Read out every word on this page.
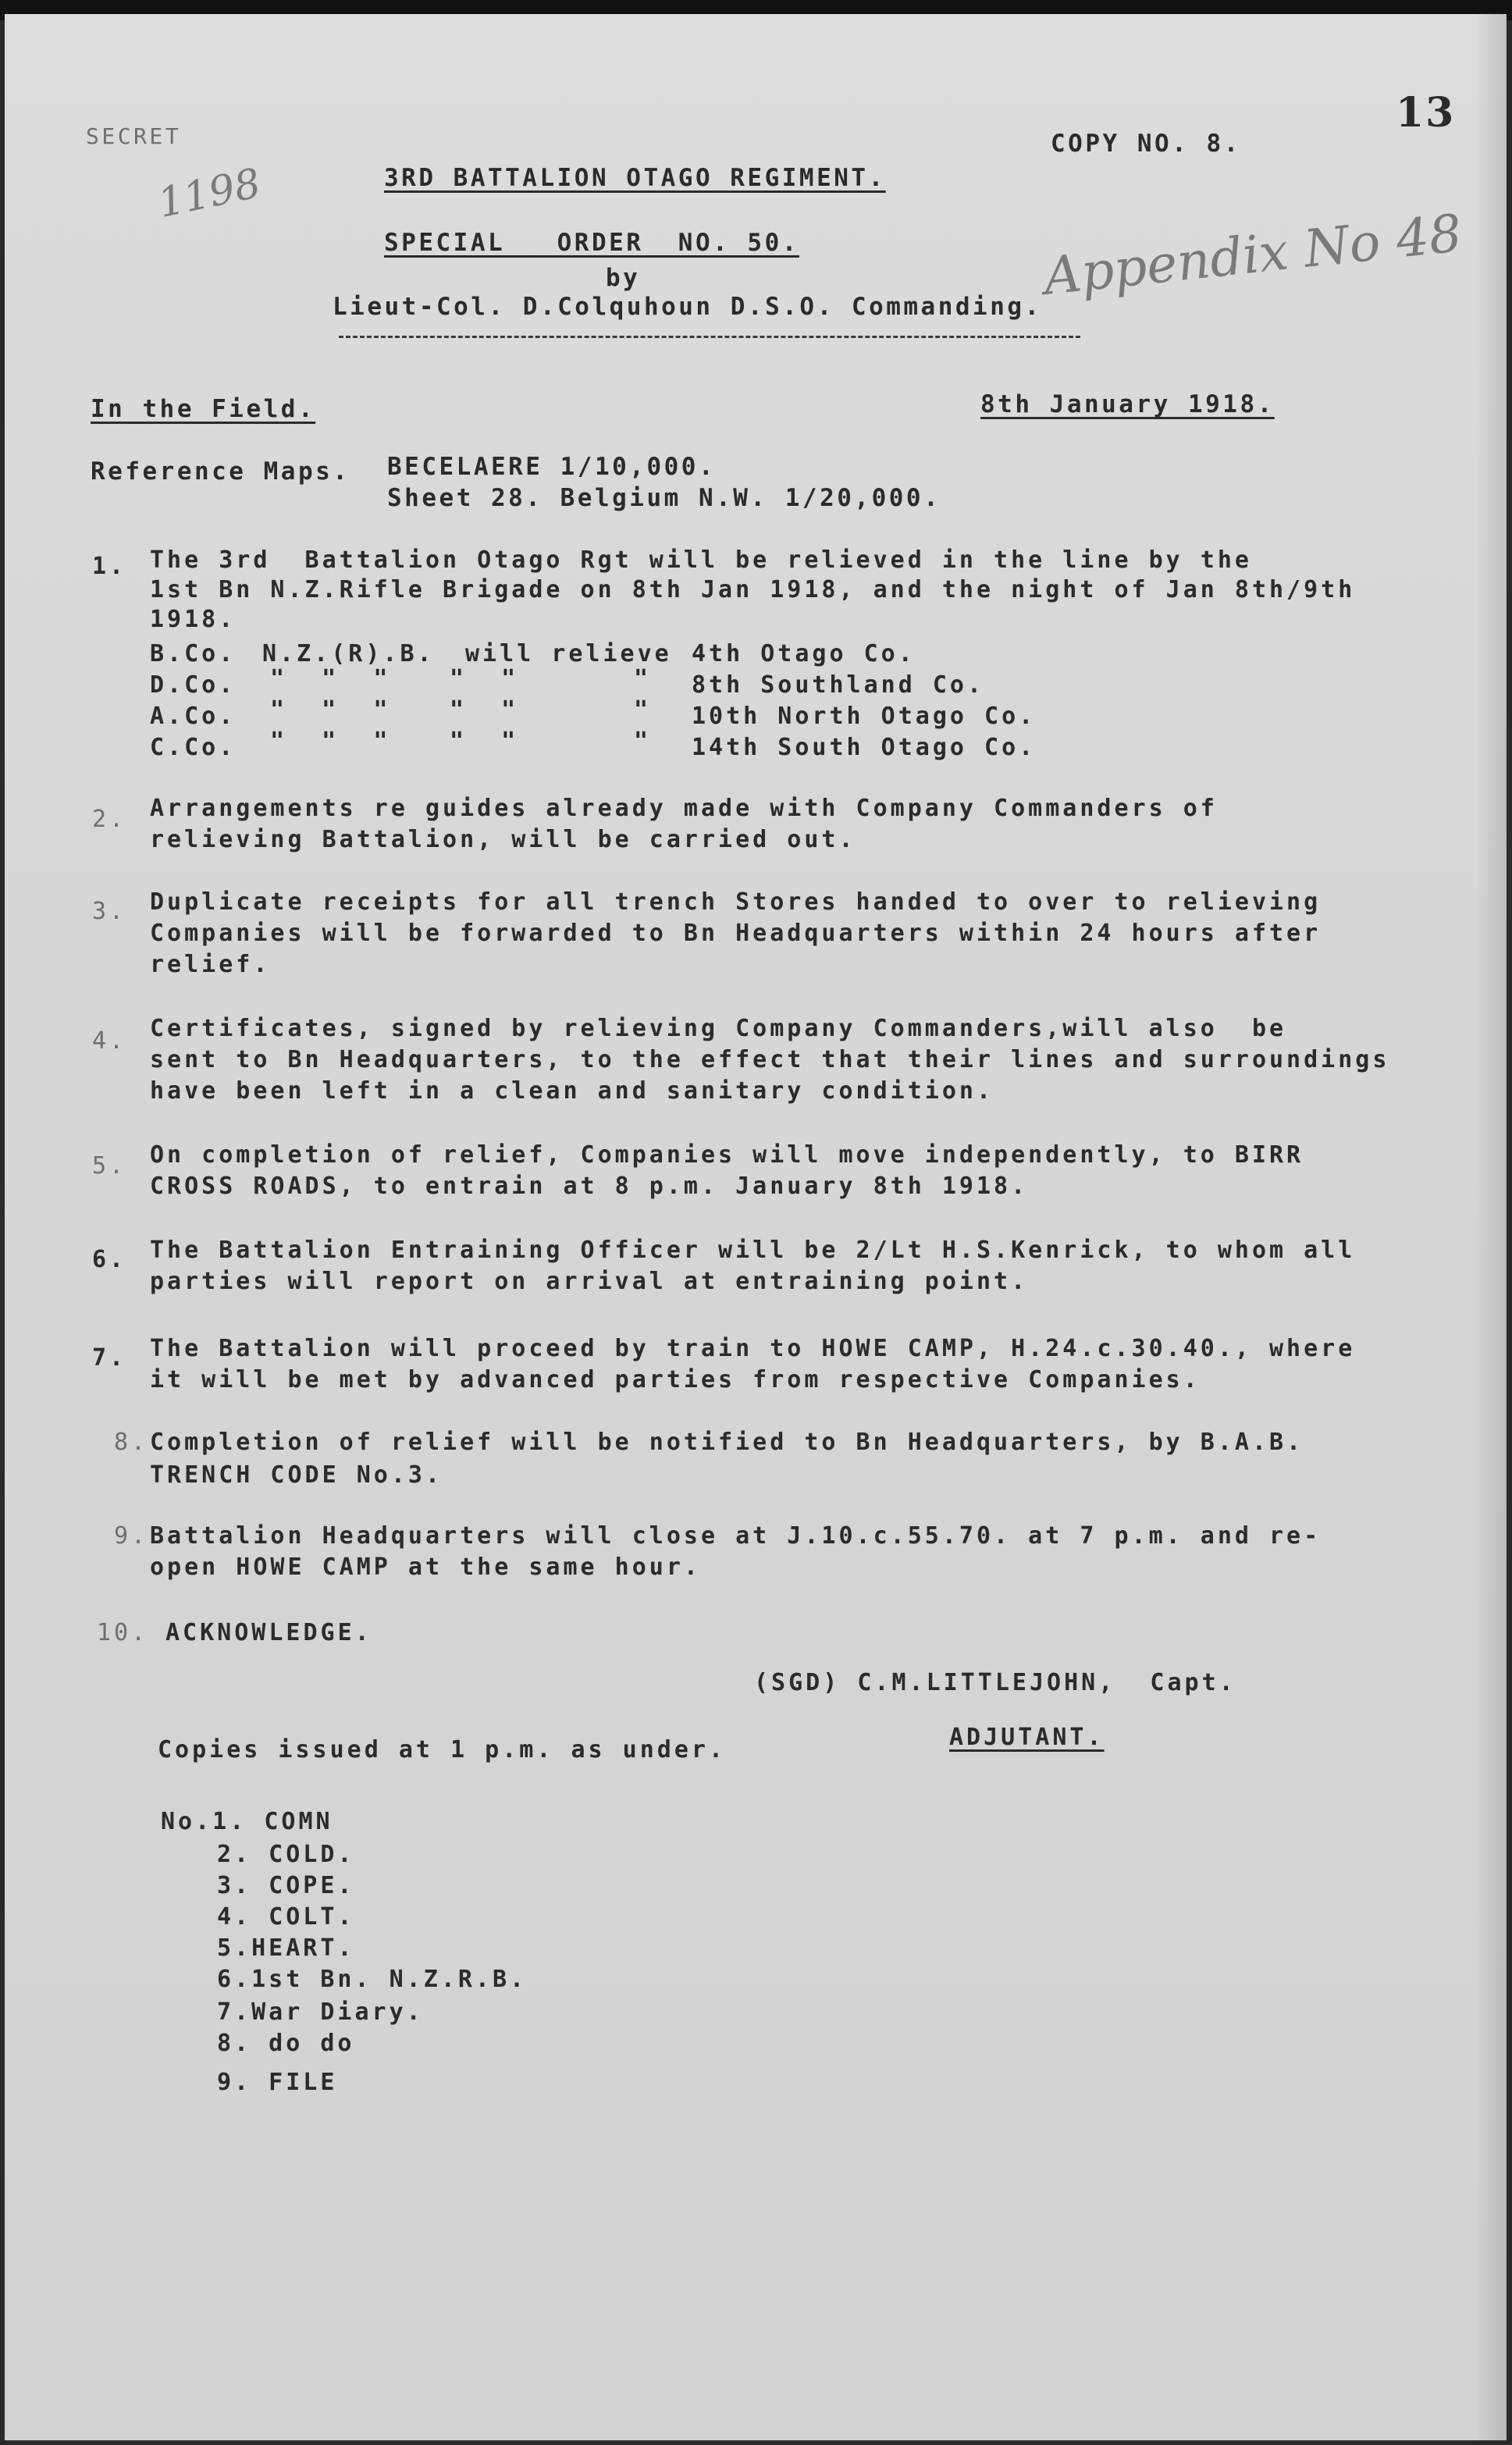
SECRET	13
COPY NO. 8.
1198
Appendix No 48
3RD BATTALION OTAGO REGIMENT.
SPECIAL   ORDER  NO. 50.
by
Lieut-Col. D.Colquhoun D.S.O. Commanding.
In the Field.	8th January 1918.
Reference Maps. BECELAERE 1/10,000.
Sheet 28. Belgium N.W. 1/20,000.
1. The 3rd  Battalion Otago Rgt will be relieved in the line by the
1st Bn N.Z.Rifle Brigade on 8th Jan 1918, and the night of Jan 8th/9th
1918.
B.Co. N.Z.(R).B. will relieve 4th Otago Co.
D.Co. "  "  "	"  "	" 8th Southland Co.
A.Co. "  "  "	"  "	" 10th North Otago Co.
C.Co. "  "  "	"  "	" 14th South Otago Co.
2. Arrangements re guides already made with Company Commanders of
relieving Battalion, will be carried out.
3. Duplicate receipts for all trench Stores handed to over to relieving
Companies will be forwarded to Bn Headquarters within 24 hours after
relief.
4. Certificates, signed by relieving Company Commanders,will also  be
sent to Bn Headquarters, to the effect that their lines and surroundings
have been left in a clean and sanitary condition.
5. On completion of relief, Companies will move independently, to BIRR
CROSS ROADS, to entrain at 8 p.m. January 8th 1918.
6. The Battalion Entraining Officer will be 2/Lt H.S.Kenrick, to whom all
parties will report on arrival at entraining point.
7. The Battalion will proceed by train to HOWE CAMP, H.24.c.30.40., where
it will be met by advanced parties from respective Companies.
8. Completion of relief will be notified to Bn Headquarters, by B.A.B.
TRENCH CODE No.3.
9. Battalion Headquarters will close at J.10.c.55.70. at 7 p.m. and re-
open HOWE CAMP at the same hour.
10. ACKNOWLEDGE.
(SGD) C.M.LITTLEJOHN,  Capt.
ADJUTANT.
Copies issued at 1 p.m. as under.
No.1. COMN
2. COLD.
3. COPE.
4. COLT.
5.HEART.
6.1st Bn. N.Z.R.B.
7.War Diary.
8. do do
9. FILE
